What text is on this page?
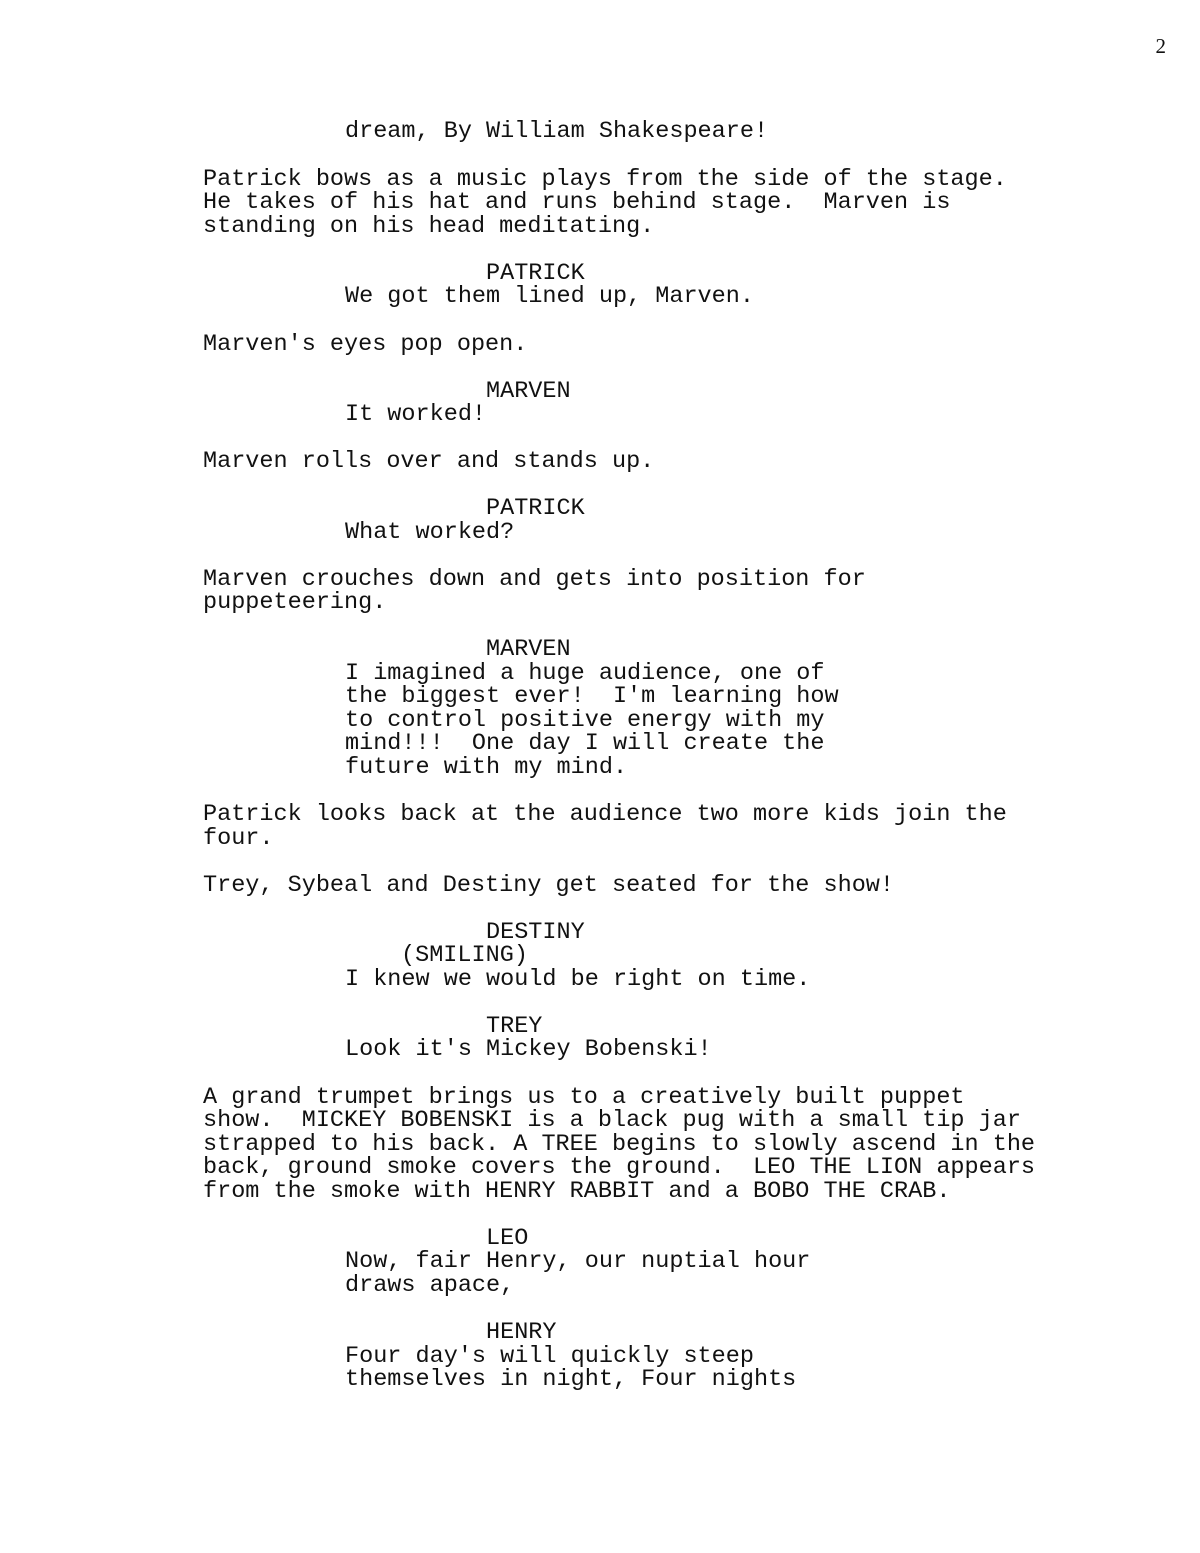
2

dream, By William Shakespeare!

Patrick bows as a music plays from the side of the stage.

He takes of his hat and runs behind stage.  Marven is

standing on his head meditating.

PATRICK

We got them lined up, Marven.

Marven's eyes pop open.

MARVEN

It worked!

Marven rolls over and stands up.

PATRICK

What worked?

Marven crouches down and gets into position for

puppeteering.

MARVEN

I imagined a huge audience, one of

the biggest ever!  I'm learning how

to control positive energy with my

mind!!!  One day I will create the

future with my mind.

Patrick looks back at the audience two more kids join the

four.

Trey, Sybeal and Destiny get seated for the show!

DESTINY

(SMILING)

I knew we would be right on time.

TREY

Look it's Mickey Bobenski!

A grand trumpet brings us to a creatively built puppet

show.  MICKEY BOBENSKI is a black pug with a small tip jar

strapped to his back. A TREE begins to slowly ascend in the

back, ground smoke covers the ground.  LEO THE LION appears

from the smoke with HENRY RABBIT and a BOBO THE CRAB.

LEO

Now, fair Henry, our nuptial hour

draws apace,

HENRY

Four day's will quickly steep

themselves in night, Four nights
